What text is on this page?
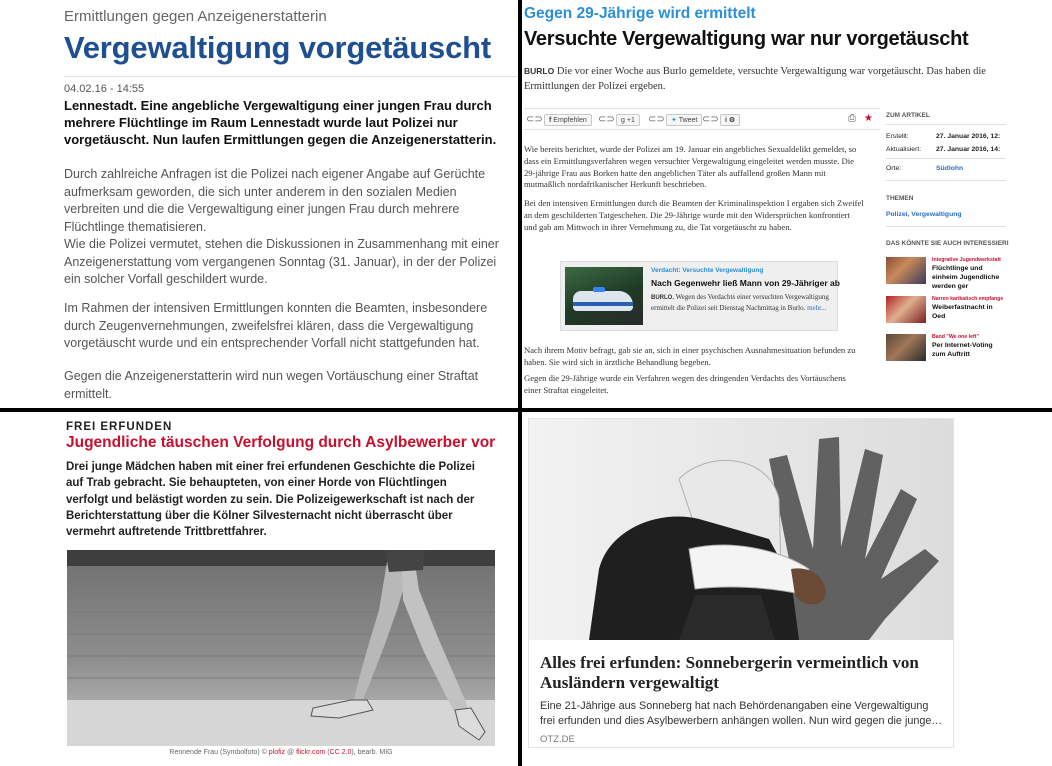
Ermittlungen gegen Anzeigenerstatterin
Vergewaltigung vorgetäuscht
04.02.16 - 14:55

Lennestadt. Eine angebliche Vergewaltigung einer jungen Frau durch mehrere Flüchtlinge im Raum Lennestadt wurde laut Polizei nur vorgetäuscht. Nun laufen Ermittlungen gegen die Anzeigenerstatterin.

Durch zahlreiche Anfragen ist die Polizei nach eigener Angabe auf Gerüchte aufmerksam geworden, die sich unter anderem in den sozialen Medien verbreiten und die die Vergewaltigung einer jungen Frau durch mehrere Flüchtlinge thematisieren.
Wie die Polizei vermutet, stehen die Diskussionen in Zusammenhang mit einer Anzeigenerstattung vom vergangenen Sonntag (31. Januar), in der der Polizei ein solcher Vorfall geschildert wurde.

Im Rahmen der intensiven Ermittlungen konnten die Beamten, insbesondere durch Zeugenvernehmungen, zweifelsfrei klären, dass die Vergewaltigung vorgetäuscht wurde und ein entsprechender Vorfall nicht stattgefunden hat.

Gegen die Anzeigenerstatterin wird nun wegen Vortäuschung einer Straftat ermittelt.

Gegen 29-Jährige wird ermittelt
Versuchte Vergewaltigung war nur vorgetäuscht

BURLO Die vor einer Woche aus Burlo gemeldete, versuchte Vergewaltigung war vorgetäuscht. Das haben die Ermittlungen der Polizei ergeben.

⊂⊃ f Empfehlen	⊂⊃ g +1	⊂⊃ ✦ Tweet ⊂⊃ i ⚙	⎙ ★

Wie bereits berichtet, wurde der Polizei am 19. Januar ein angebliches Sexualdelikt gemeldet, so dass ein Ermittlungsverfahren wegen versuchter Vergewaltigung eingeleitet werden musste. Die 29-jährige Frau aus Borken hatte den angeblichen Täter als auffallend großen Mann mit mutmaßlich nordafrikanischer Herkunft beschrieben.

Bei den intensiven Ermittlungen durch die Beamten der Kriminalinspektion I ergaben sich Zweifel an dem geschilderten Tatgeschehen. Die 29-Jährige wurde mit den Widersprüchen konfrontiert und gab am Mittwoch in ihrer Vernehmung zu, die Tat vorgetäuscht zu haben.

Verdacht: Versuchte Vergewaltigung
Nach Gegenwehr ließ Mann von 29-Jähriger ab
BURLO. Wegen des Verdachts einer versuchten Vergewaltigung ermittelt die Polizei seit Dienstag Nachmittag in Burlo. mehr...

Nach ihrem Motiv befragt, gab sie an, sich in einer psychischen Ausnahmesituation befunden zu haben. Sie wird sich in ärztliche Behandlung begeben.

Gegen die 29-Jährige wurde ein Verfahren wegen des dringenden Verdachts des Vortäuschens einer Straftat eingeleitet.

ZUM ARTIKEL
Erstellt:	27. Januar 2016, 12:
Aktualisiert: 27. Januar 2016, 14:
Orte:	Südlohn
THEMEN
Polizei, Vergewaltigung
DAS KÖNNTE SIE AUCH INTERESSIERI
Integrative Jugendwerkstatt
Flüchtlinge und einheim Jugendliche werden ger
Narren karikatisch empfange
Weiberfastnacht in Oed
Band "We one left"
Per Internet-Voting zum Auftritt
FREI ERFUNDEN
Jugendliche täuschen Verfolgung durch Asylbewerber vor

Drei junge Mädchen haben mit einer frei erfundenen Geschichte die Polizei auf Trab gebracht. Sie behaupteten, von einer Horde von Flüchtlingen verfolgt und belästigt worden zu sein. Die Polizeigewerkschaft ist nach der Berichterstattung über die Kölner Silvesternacht nicht überrascht über vermehrt auftretende Trittbrettfahrer.

Rennende Frau (Symbolfoto) © plofiz @ flickr.com (CC 2.0), bearb. MIG
Alles frei erfunden: Sonnebergerin vermeintlich von Ausländern vergewaltigt

Eine 21-Jährige aus Sonneberg hat nach Behördenangaben eine Vergewaltigung frei erfunden und dies Asylbewerbern anhängen wollen. Nun wird gegen die junge…

OTZ.DE
